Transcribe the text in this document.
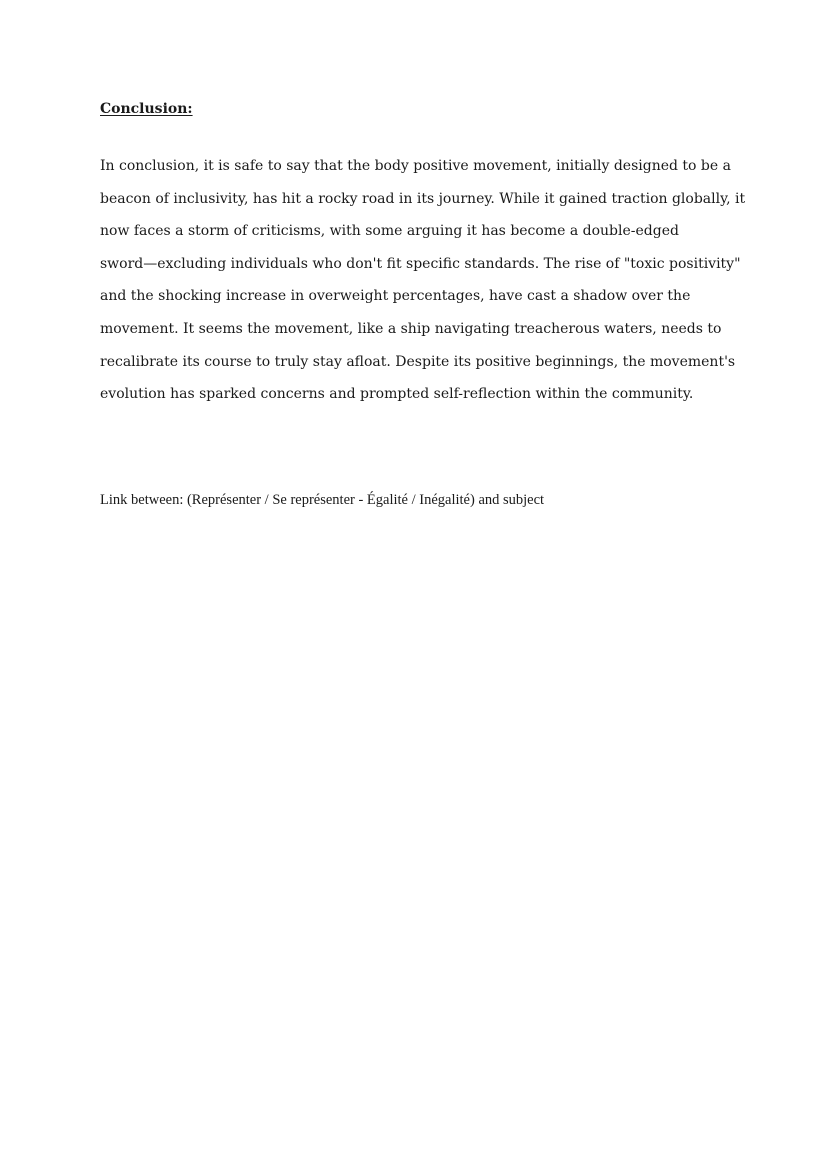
Conclusion:

In conclusion, it is safe to say that the body positive movement, initially designed to be a
beacon of inclusivity, has hit a rocky road in its journey. While it gained traction globally, it
now faces a storm of criticisms, with some arguing it has become a double-edged
sword—excluding individuals who don't fit specific standards. The rise of "toxic positivity"
and the shocking increase in overweight percentages, have cast a shadow over the
movement. It seems the movement, like a ship navigating treacherous waters, needs to
recalibrate its course to truly stay afloat. Despite its positive beginnings, the movement's
evolution has sparked concerns and prompted self-reflection within the community.

Link between: (Représenter / Se représenter - Égalité / Inégalité) and subject
